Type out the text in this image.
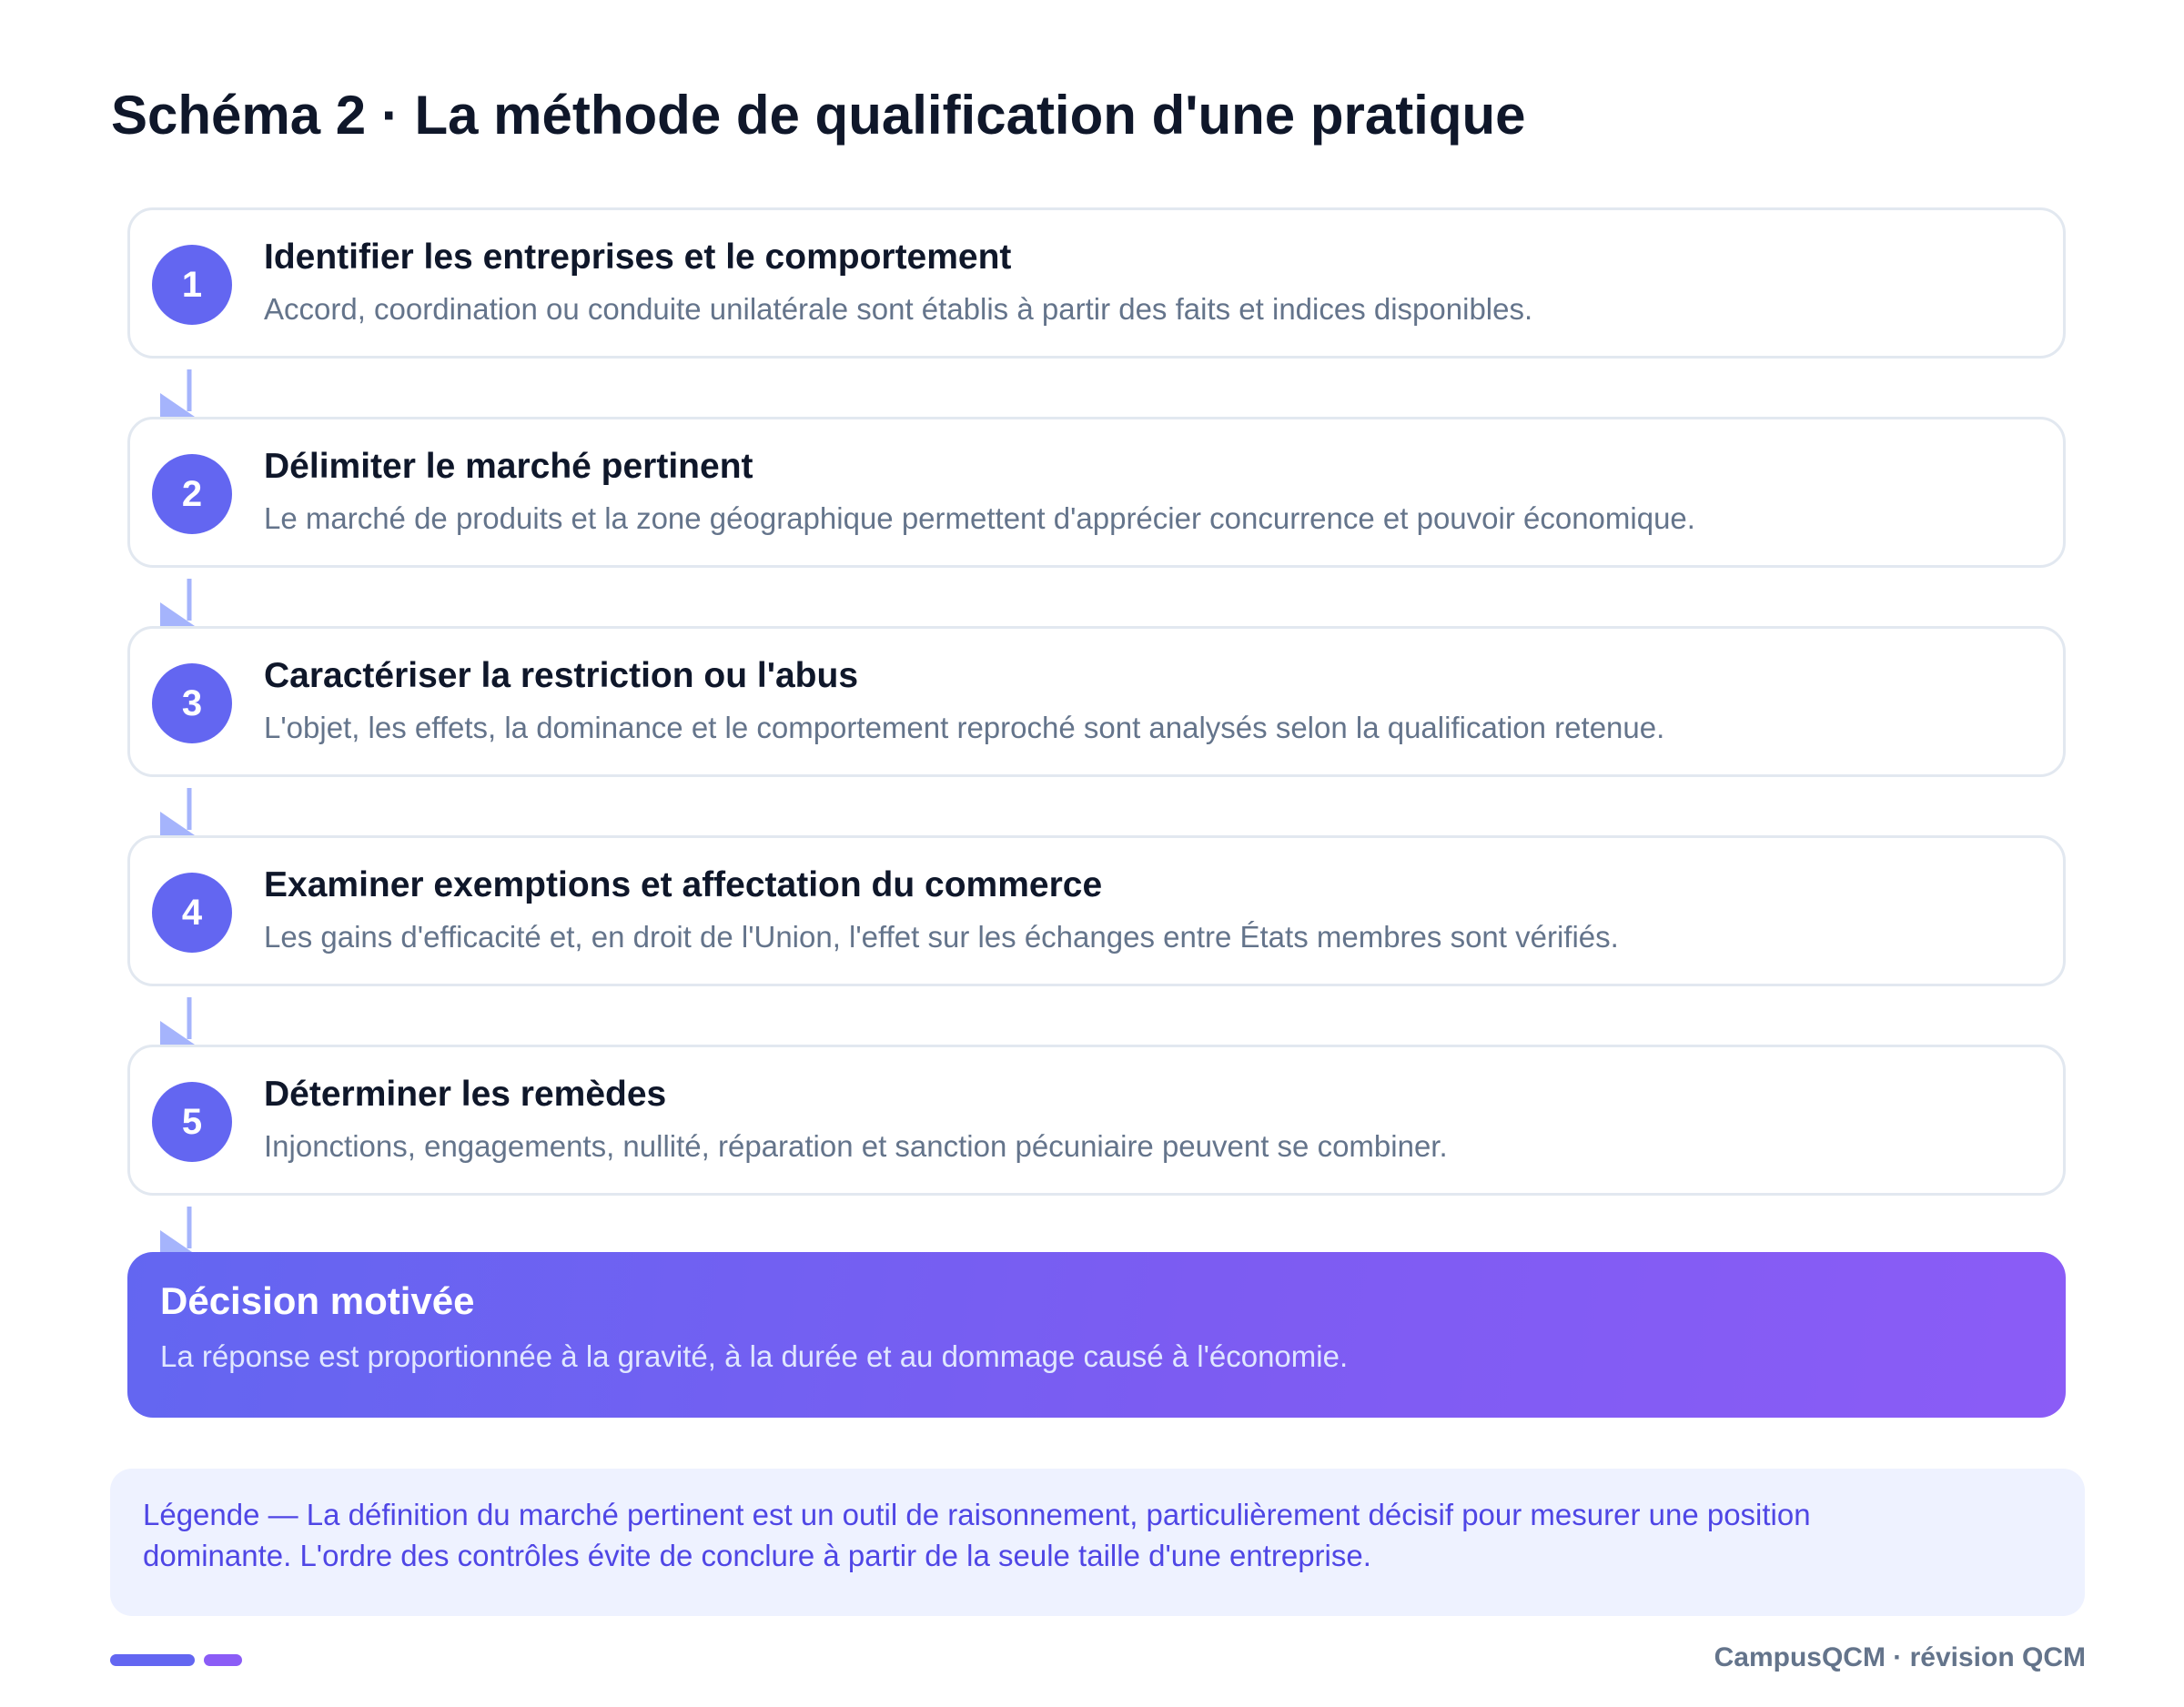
Schéma 2 · La méthode de qualification d'une pratique
1
Identifier les entreprises et le comportement
Accord, coordination ou conduite unilatérale sont établis à partir des faits et indices disponibles.
2
Délimiter le marché pertinent
Le marché de produits et la zone géographique permettent d'apprécier concurrence et pouvoir économique.
3
Caractériser la restriction ou l'abus
L'objet, les effets, la dominance et le comportement reproché sont analysés selon la qualification retenue.
4
Examiner exemptions et affectation du commerce
Les gains d'efficacité et, en droit de l'Union, l'effet sur les échanges entre États membres sont vérifiés.
5
Déterminer les remèdes
Injonctions, engagements, nullité, réparation et sanction pécuniaire peuvent se combiner.
Décision motivée
La réponse est proportionnée à la gravité, à la durée et au dommage causé à l'économie.

Légende — La définition du marché pertinent est un outil de raisonnement, particulièrement décisif pour mesurer une position dominante. L'ordre des contrôles évite de conclure à partir de la seule taille d'une entreprise.

CampusQCM · révision QCM
